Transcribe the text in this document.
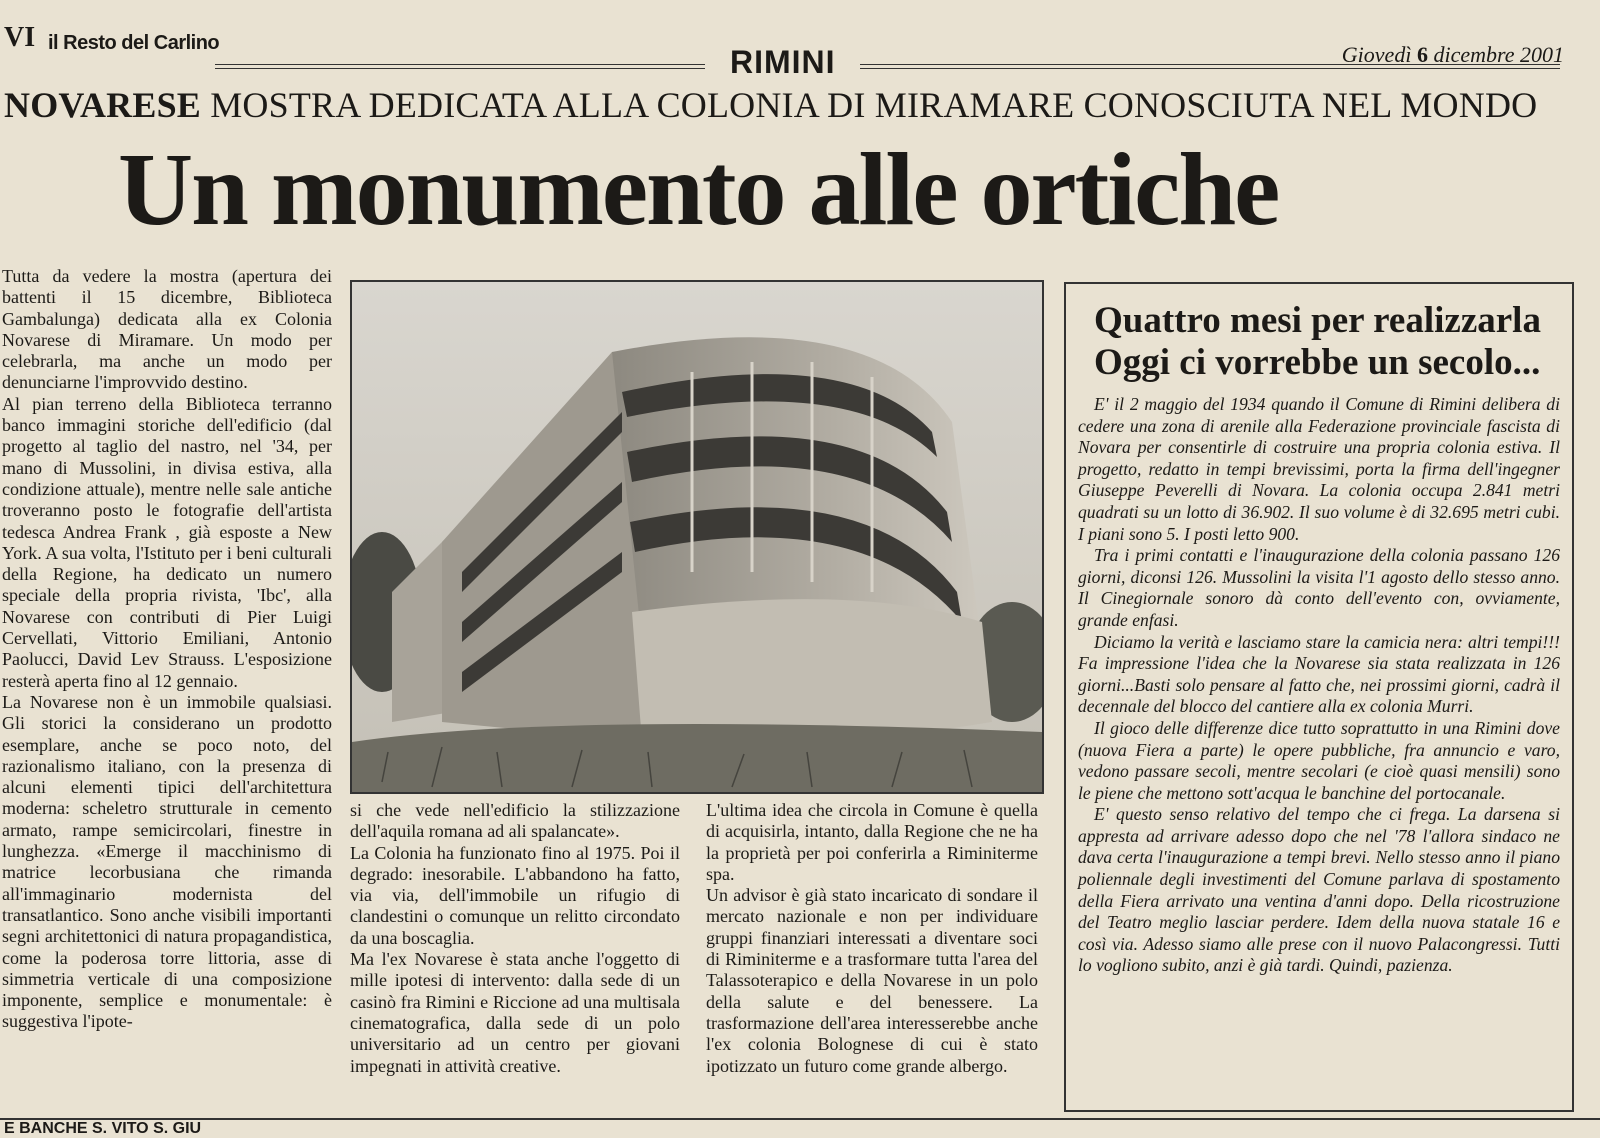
VI il Resto del Carlino
RIMINI	Giovedì 6 dicembre 2001
NOVARESE MOSTRA DEDICATA ALLA COLONIA DI MIRAMARE CONOSCIUTA NEL MONDO
Un monumento alle ortiche

Tutta da vedere la mostra (apertura dei battenti il 15 dicembre, Biblioteca Gambalunga) dedicata alla ex Colonia Novarese di Miramare. Un modo per celebrarla, ma anche un modo per denunciarne l'improvvido destino.

Al pian terreno della Biblioteca terranno banco immagini storiche dell'edificio (dal progetto al taglio del nastro, nel '34, per mano di Mussolini, in divisa estiva, alla condizione attuale), mentre nelle sale antiche troveranno posto le fotografie dell'artista tedesca Andrea Frank , già esposte a New York. A sua volta, l'Istituto per i beni culturali della Regione, ha dedicato un numero speciale della propria rivista, 'Ibc', alla Novarese con contributi di Pier Luigi Cervellati, Vittorio Emiliani, Antonio Paolucci, David Lev Strauss. L'esposizione resterà aperta fino al 12 gennaio.

La Novarese non è un immobile qualsiasi. Gli storici la considerano un prodotto esemplare, anche se poco noto, del razionalismo italiano, con la presenza di alcuni elementi tipici dell'architettura moderna: scheletro strutturale in cemento armato, rampe semicircolari, finestre in lunghezza. «Emerge il macchinismo di matrice lecorbusiana che rimanda all'immaginario modernista del transatlantico. Sono anche visibili importanti segni architettonici di natura propagandistica, come la poderosa torre littoria, asse di simmetria verticale di una composizione imponente, semplice e monumentale: è suggestiva l'ipote-

si che vede nell'edificio la stilizzazione dell'aquila romana ad ali spalancate».

La Colonia ha funzionato fino al 1975. Poi il degrado: inesorabile. L'abbandono ha fatto, via via, dell'immobile un rifugio di clandestini o comunque un relitto circondato da una boscaglia.

Ma l'ex Novarese è stata anche l'oggetto di mille ipotesi di intervento: dalla sede di un casinò fra Rimini e Riccione ad una multisala cinematografica, dalla sede di un polo universitario ad un centro per giovani impegnati in attività creative.

L'ultima idea che circola in Comune è quella di acquisirla, intanto, dalla Regione che ne ha la proprietà per poi conferirla a Riminiterme spa.

Un advisor è già stato incaricato di sondare il mercato nazionale e non per individuare gruppi finanziari interessati a diventare soci di Riminiterme e a trasformare tutta l'area del Talassoterapico e della Novarese in un polo della salute e del benessere. La trasformazione dell'area interesserebbe anche l'ex colonia Bolognese di cui è stato ipotizzato un futuro come grande albergo.

Quattro mesi per realizzarla
Oggi ci vorrebbe un secolo...

E' il 2 maggio del 1934 quando il Comune di Rimini delibera di cedere una zona di arenile alla Federazione provinciale fascista di Novara per consentirle di costruire una propria colonia estiva. Il progetto, redatto in tempi brevissimi, porta la firma dell'ingegner Giuseppe Peverelli di Novara. La colonia occupa 2.841 metri quadrati su un lotto di 36.902. Il suo volume è di 32.695 metri cubi. I piani sono 5. I posti letto 900.

Tra i primi contatti e l'inaugurazione della colonia passano 126 giorni, diconsi 126. Mussolini la visita l'1 agosto dello stesso anno. Il Cinegiornale sonoro dà conto dell'evento con, ovviamente, grande enfasi.

Diciamo la verità e lasciamo stare la camicia nera: altri tempi!!! Fa impressione l'idea che la Novarese sia stata realizzata in 126 giorni...Basti solo pensare al fatto che, nei prossimi giorni, cadrà il decennale del blocco del cantiere alla ex colonia Murri.

Il gioco delle differenze dice tutto soprattutto in una Rimini dove (nuova Fiera a parte) le opere pubbliche, fra annuncio e varo, vedono passare secoli, mentre secolari (e cioè quasi mensili) sono le piene che mettono sott'acqua le banchine del portocanale.

E' questo senso relativo del tempo che ci frega. La darsena si appresta ad arrivare adesso dopo che nel '78 l'allora sindaco ne dava certa l'inaugurazione a tempi brevi. Nello stesso anno il piano poliennale degli investimenti del Comune parlava di spostamento della Fiera arrivato una ventina d'anni dopo. Della ricostruzione del Teatro meglio lasciar perdere. Idem della nuova statale 16 e così via. Adesso siamo alle prese con il nuovo Palacongressi. Tutti lo vogliono subito, anzi è già tardi. Quindi, pazienza.

E BANCHE S. VITO S. GIU
